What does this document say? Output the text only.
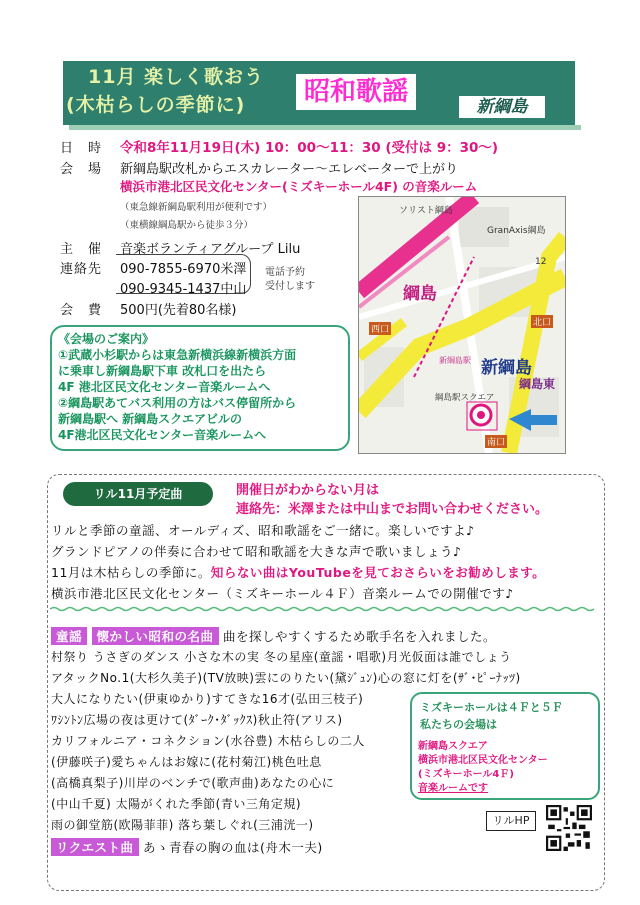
11月 楽しく歌おう
(木枯らしの季節に)	昭和歌謡	新綱島
日　時 令和8年11月19日(木) 10：00〜11：30 (受付は 9：30〜)
会　場 新綱島駅改札からエスカレーター〜エレベーターで上がり
横浜市港北区民文化センター(ミズキーホール4F) の音楽ルーム
（東急線新綱島駅利用が便利です）
（東横線綱島駅から徒歩３分）
主　催 音楽ボランティアグループ Lilu
連絡先 090-7855-6970米澤
090-9345-1437中山
電話予約
受付します
会　費 500円(先着80名様)
《会場のご案内》
①武蔵小杉駅からは東急新横浜線新横浜方面
に乗車し新綱島駅下車 改札口を出たら
4F 港北区民文化センター音楽ルームへ
②綱島駅あてバス利用の方はバス停留所から
新綱島駅へ 新綱島スクエアビルの
4F港北区民文化センター音楽ルームへ
ソリスト綱島
GranAxis綱島
綱島
新綱島
綱島東
綱島駅スクエア
新綱島駅
西口
北口
南口
12
リル11月予定曲	開催日がわからない月は
連絡先：米澤または中山までお問い合わせください。
リルと季節の童謡、オールディズ、昭和歌謡をご一緒に。楽しいですよ♪
グランドピアノの伴奏に合わせて昭和歌謡を大きな声で歌いましょう♪
11月は木枯らしの季節に。知らない曲はYouTubeを見ておさらいをお勧めします。
横浜市港北区民文化センター（ミズキーホール４Ｆ）音楽ルームでの開催です♪
童謡 懐かしい昭和の名曲 曲を探しやすくするため歌手名を入れました。
村祭り うさぎのダンス 小さな木の実 冬の星座(童謡・唱歌)月光仮面は誰でしょう
アタックNo.1(大杉久美子)(TV放映)雲にのりたい(黛ｼﾞｭﾝ)心の窓に灯を(ｻﾞ･ﾋﾟｰﾅｯﾂ)
大人になりたい(伊東ゆかり)すてきな16才(弘田三枝子)
ﾜｼﾝﾄﾝ広場の夜は更けて(ﾀﾞｰｸ･ﾀﾞｯｸｽ)秋止符(アリス)
カリフォルニア・コネクション(水谷豊) 木枯らしの二人
(伊藤咲子)愛ちゃんはお嫁に(花村菊江)桃色吐息
(高橋真梨子)川岸のベンチで(歌声曲)あなたの心に
(中山千夏) 太陽がくれた季節(青い三角定規)
雨の御堂筋(欧陽菲菲) 落ち葉しぐれ(三浦洸一)
リクエスト曲 あゝ青春の胸の血は(舟木一夫)
ミズキーホールは４Ｆと５Ｆ
私たちの会場は
新綱島スクエア
横浜市港北区民文化センター
(ミズキーホール4Ｆ)
音楽ルームです
リルHP
